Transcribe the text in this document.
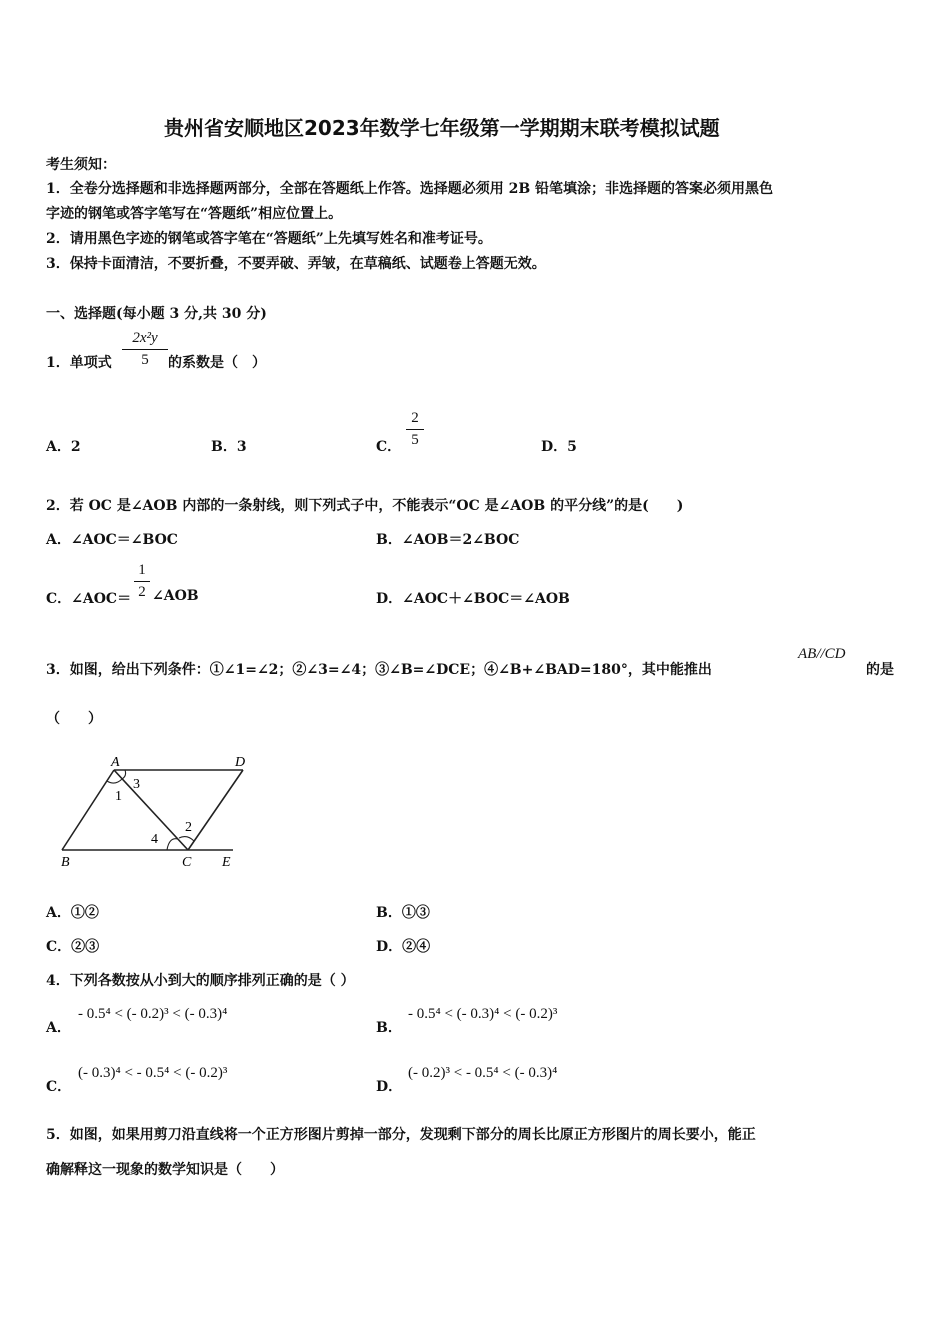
贵州省安顺地区2023年数学七年级第一学期期末联考模拟试题
考生须知：
1．全卷分选择题和非选择题两部分，全部在答题纸上作答。选择题必须用 2B 铅笔填涂；非选择题的答案必须用黑色
字迹的钢笔或答字笔写在“答题纸”相应位置上。
2．请用黑色字迹的钢笔或答字笔在“答题纸”上先填写姓名和准考证号。
3．保持卡面清洁，不要折叠，不要弄破、弄皱，在草稿纸、试题卷上答题无效。
一、选择题(每小题 3 分,共 30 分)
1．单项式
2x²y
5	的系数是（　）
A．2	B．3	C．
2
5	D．5
2．若 OC 是∠AOB 内部的一条射线，则下列式子中，不能表示“OC 是∠AOB 的平分线”的是(　　)
A．∠AOC＝∠BOC	B．∠AOB＝2∠BOC
C．∠AOC＝
1
2 ∠AOB	D．∠AOC＋∠BOC＝∠AOB
3．如图，给出下列条件：①∠1=∠2；②∠3=∠4；③∠B=∠DCE；④∠B+∠BAD=180°，其中能推出
AB//CD
的是
（　　）
A	D
B	C E
1
2
3
4
A．①②	B．①③
C．②③	D．②④
4．下列各数按从小到大的顺序排列正确的是（ ）
A．
- 0.5⁴ < (- 0.2)³ < (- 0.3)⁴
B．
- 0.5⁴ < (- 0.3)⁴ < (- 0.2)³
C．
(- 0.3)⁴ < - 0.5⁴ < (- 0.2)³
D．
(- 0.2)³ < - 0.5⁴ < (- 0.3)⁴
5．如图，如果用剪刀沿直线将一个正方形图片剪掉一部分，发现剩下部分的周长比原正方形图片的周长要小，能正
确解释这一现象的数学知识是（　　）
